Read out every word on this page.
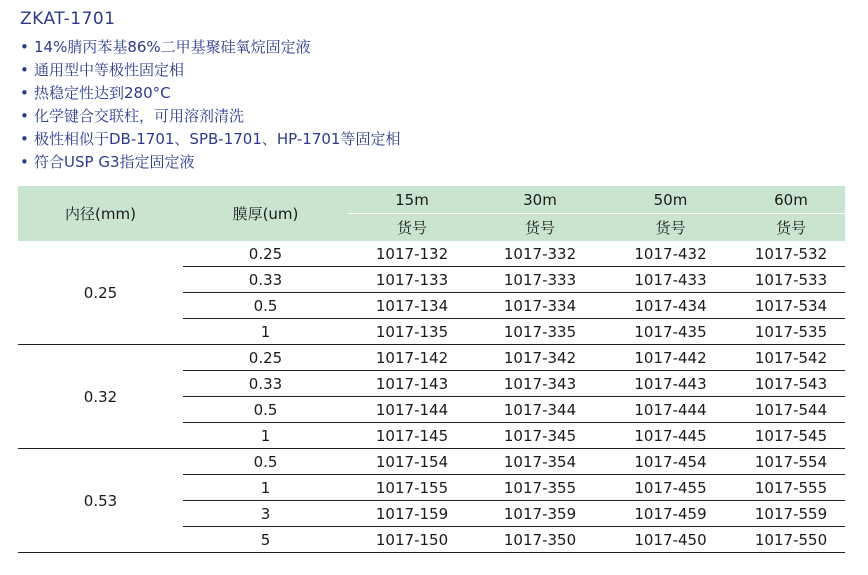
ZKAT-1701
• 14%腈丙苯基86%二甲基聚硅氧烷固定液
• 通用型中等极性固定相
• 热稳定性达到280°C
• 化学键合交联柱，可用溶剂清洗
• 极性相似于DB-1701、SPB-1701、HP-1701等固定相
• 符合USP G3指定固定液
内径(mm)	膜厚(um)	15m	30m	50m	60m
		货号	货号	货号	货号
0.25	0.25	1017-132	1017-332	1017-432	1017-532
	0.33	1017-133	1017-333	1017-433	1017-533
	0.5	1017-134	1017-334	1017-434	1017-534
	1	1017-135	1017-335	1017-435	1017-535
0.32	0.25	1017-142	1017-342	1017-442	1017-542
	0.33	1017-143	1017-343	1017-443	1017-543
	0.5	1017-144	1017-344	1017-444	1017-544
	1	1017-145	1017-345	1017-445	1017-545
0.53	0.5	1017-154	1017-354	1017-454	1017-554
	1	1017-155	1017-355	1017-455	1017-555
	3	1017-159	1017-359	1017-459	1017-559
	5	1017-150	1017-350	1017-450	1017-550
